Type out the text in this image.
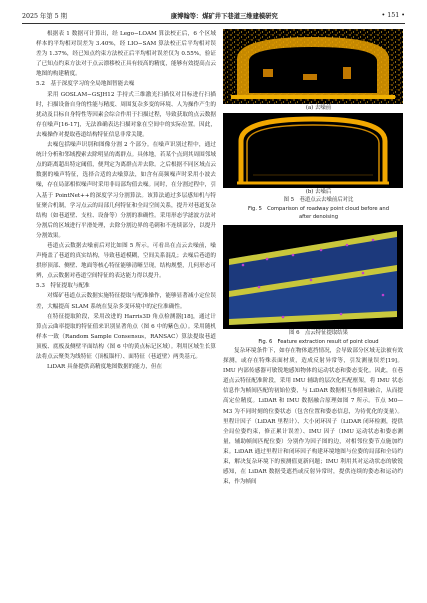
2025 年第 5 期	康博翰等：煤矿井下巷道三维建模研究	• 151 •

根据表 1 数据可计算出，经 Lego−LOAM 算法校正后，6 个区域样本的平均相对误差为 3.40%，经 LIO−SAM 算法校正后平均相对误差为 1.37%，经已知点约束方法校正后平均相对误差仅为 0.55%，验证了已知点约束方法对于点云漂移校正具有较高的精度，能够有效提高点云地图的构建精度。

5.2　基于深度学习的全局地图智能去噪

采用 GOSLAM−GSJH12 手持式三维激光扫描仪对目标进行扫描时，扫描设备自身的性能与精度、周围复杂多变的环境、人为操作产生的扰动及目标自身特性等因素会综合作用于扫描过程，导致获取的点云数据存在噪声[16-17]，无法准确表达扫描对象在空间中的实际位置。因此，去噪操作对提取巷道结构特征信息非常关键。

去噪包括噪声识别和图像分割 2 个部分。在噪声识别过程中，通过统计分析和邻域搜索去除明显的离群点。具体地，若某个点到其周围邻域点的距离超出特定阈值，便判定为离群点并去除。之后根据不同区域点云数据的噪声特征，选择合适的去噪算法，如含有高频噪声时采用小波去噪，存在局部相似噪声时采用非局部均值去噪。同时，在分割过程中，引入基于 PointNet++的深度学习分割算法。该算法通过多层感知机与特征聚合机制，学习点云的局部几何特征和全局空间关系，提升对巷道复杂结构（如巷道壁、支柱、设备等）分割的准确性。采用形态学滤波方法对分割后的区域进行平滑处理，去除分割边界的毛刺和不连续部分，以提升分割效果。

巷道点云数据去噪前后对比如图 5 所示。可看出在点云去噪前，噪声掩盖了巷道的真实结构，导致巷道模糊，空间关系混乱；去噪后巷道的拱形顶部、侧壁、地面等核心特征能够清晰呈现，结构规整，几何形态可辨，点云数据对巷道空间特征的表达能力得以提升。

5.3　特征提取与配准

对煤矿巷道点云数据实施特征提取与配准操作，能够显著减小定位误差，大幅提高 SLAM 系统在复杂多变环境中的定位准确性。

在特征提取阶段，采用改进的 Harris3D 角点检测器[18]，通过计算点云曲率提取的特征值来识别显著角点（图 6 中的紫色点）。采用随机样本一致（Random Sample Consensus，RANSAC）算法提取巷道顶板、底板及侧壁平面结构（图 6 中的黄点标记区域）。利用区域生长算法将点云聚类为线特征（顶板锚杆）、面特征（巷道壁）两类基元。

LiDAR 具备提供高精度地图数据的能力，但在

(a) 去噪前

(b) 去噪后

图 5　巷道点云去噪前后对比

Fig. 5　Comparison of roadway point cloud before and

after denoising

图 6　点云特征提取结果

Fig. 6　Feature extraction result of point cloud

复杂环境条件下，如存在物体遮挡情况，会导致部分区域无法被有效探测，或存在特殊表面材质，造成反射异常等，引发测量误差[19]。IMU 内部传感器可敏锐地感知物体的运动状态和姿态变化。因此，在巷道点云特征配准阶段，采用 IMU 辅助的层次化匹配框架，将 IMU 状态信息作为帧间匹配的初始位姿，与 LiDAR 数据相互参照和融合，从而提高定位精度。LiDAR 和 IMU 数据融合原理如图 7 所示。节点 M0—M3 为不同时刻的位姿状态（包含位置和姿态信息，为待优化的变量）。里程计因子（LiDAR 里程计）、大小闭环因子（LiDAR 闭环检测，提供全局位姿约束，修正累计误差）、IMU 因子（IMU 运动状态和姿态测量，辅助帧间匹配位姿）分别作为因子图的边，对相邻位姿节点施加约束。LiDAR 通过里程计和闭环因子构建环境地图与位姿的局部和全局约束，解决复杂环境下的预测值更新问题；IMU 利用其对运动状态的敏锐感知，在 LiDAR 数据受遮挡或反射异常时，提供连续的姿态和运动约束，作为帧间
